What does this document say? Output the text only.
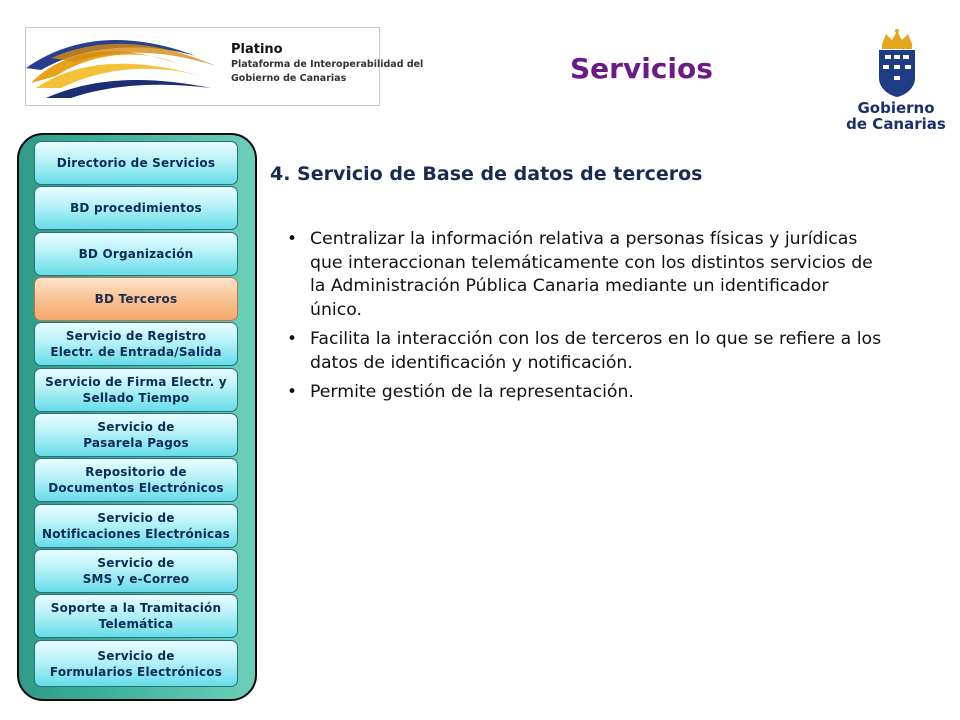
Platino
Plataforma de Interoperabilidad del
Gobierno de Canarias	Servicios
Gobierno
de Canarias
Directorio de Servicios
BD procedimientos
BD Organización
BD Terceros
Servicio de Registro
Electr. de Entrada/Salida
Servicio de Firma Electr. y
Sellado Tiempo
Servicio de
Pasarela Pagos
Repositorio de
Documentos Electrónicos
Servicio de
Notificaciones Electrónicas
Servicio de
SMS y e-Correo
Soporte a la Tramitación
Telemática
Servicio de
Formularios Electrónicos
4. Servicio de Base de datos de terceros
• Centralizar la información relativa a personas físicas y jurídicas que interaccionan telemáticamente con los distintos servicios de la Administración Pública Canaria mediante un identificador único.
• Facilita la interacción con los de terceros en lo que se refiere a los datos de identificación y notificación.
• Permite gestión de la representación.
